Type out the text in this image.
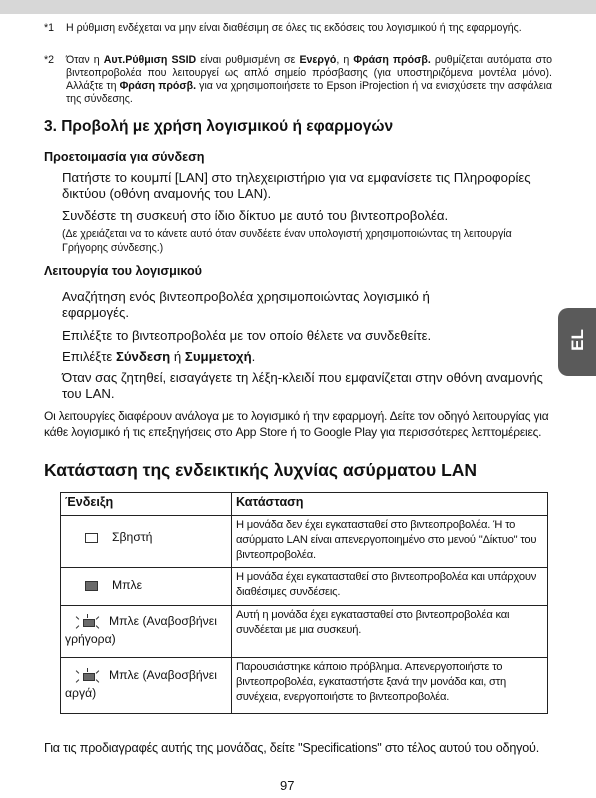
*1	Η ρύθμιση ενδέχεται να μην είναι διαθέσιμη σε όλες τις εκδόσεις του λογισμικού ή της εφαρμογής.
*2	Όταν η Αυτ.Ρύθμιση SSID είναι ρυθμισμένη σε Ενεργό, η Φράση πρόσβ. ρυθμίζεται αυτόματα στο βιντεοπροβολέα που λειτουργεί ως απλό σημείο πρόσβασης (για υποστηριζόμενα μοντέλα μόνο). Αλλάξτε τη Φράση πρόσβ. για να χρησιμοποιήσετε το Epson iProjection ή να ενισχύσετε την ασφάλεια της σύνδεσης.
3. Προβολή με χρήση λογισμικού ή εφαρμογών
Προετοιμασία για σύνδεση
Πατήστε το κουμπί [LAN] στο τηλεχειριστήριο για να εμφανίσετε τις Πληροφορίες δικτύου (οθόνη αναμονής του LAN).
Συνδέστε τη συσκευή στο ίδιο δίκτυο με αυτό του βιντεοπροβολέα.
(Δε χρειάζεται να το κάνετε αυτό όταν συνδέετε έναν υπολογιστή χρησιμοποιώντας τη λειτουργία Γρήγορης σύνδεσης.)
Λειτουργία του λογισμικού
Αναζήτηση ενός βιντεοπροβολέα χρησιμοποιώντας λογισμικό ή εφαρμογές.
Επιλέξτε το βιντεοπροβολέα με τον οποίο θέλετε να συνδεθείτε.
Επιλέξτε Σύνδεση ή Συμμετοχή.
Όταν σας ζητηθεί, εισαγάγετε τη λέξη-κλειδί που εμφανίζεται στην οθόνη αναμονής του LAN.
Οι λειτουργίες διαφέρουν ανάλογα με το λογισμικό ή την εφαρμογή. Δείτε τον οδηγό λειτουργίας για κάθε λογισμικό ή τις επεξηγήσεις στο App Store ή το Google Play για περισσότερες λεπτομέρειες.
Κατάσταση της ενδεικτικής λυχνίας ασύρματου LAN
Ένδειξη	Κατάσταση
Σβηστή	Η μονάδα δεν έχει εγκατασταθεί στο βιντεοπροβολέα. Ή το ασύρματο LAN είναι απενεργοποιημένο στο μενού "Δίκτυο" του βιντεοπροβολέα.
Μπλε	Η μονάδα έχει εγκατασταθεί στο βιντεοπροβολέα και υπάρχουν διαθέσιμες συνδέσεις.

Μπλε (Αναβοσβήνει γρήγορα)	Αυτή η μονάδα έχει εγκατασταθεί στο βιντεοπροβολέα και συνδέεται με μια συσκευή.

Μπλε (Αναβοσβήνει αργά)	Παρουσιάστηκε κάποιο πρόβλημα. Απενεργοποιήστε το βιντεοπροβολέα, εγκαταστήστε ξανά την μονάδα και, στη συνέχεια, ενεργοποιήστε το βιντεοπροβολέα.
Για τις προδιαγραφές αυτής της μονάδας, δείτε "Specifications" στο τέλος αυτού του οδηγού.
EL
97
